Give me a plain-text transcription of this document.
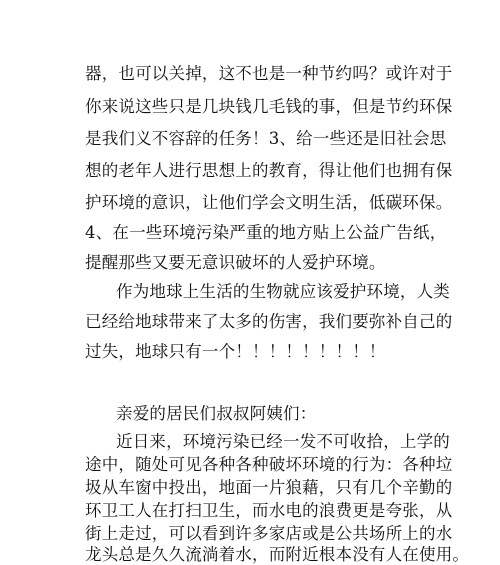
器，也可以关掉，这不也是一种节约吗？或许对于
你来说这些只是几块钱几毛钱的事，但是节约环保
是我们义不容辞的任务！3、给一些还是旧社会思
想的老年人进行思想上的教育，得让他们也拥有保
护环境的意识，让他们学会文明生活，低碳环保。
4、在一些环境污染严重的地方贴上公益广告纸，
提醒那些又要无意识破坏的人爱护环境。
作为地球上生活的生物就应该爱护环境，人类
已经给地球带来了太多的伤害，我们要弥补自己的
过失，地球只有一个！！！！！！！！！
亲爱的居民们叔叔阿姨们：
近日来，环境污染已经一发不可收拾，上学的
途中，随处可见各种各种破坏环境的行为：各种垃
圾从车窗中投出，地面一片狼藉，只有几个辛勤的
环卫工人在打扫卫生，而水电的浪费更是夸张，从
街上走过，可以看到许多家店或是公共场所上的水
龙头总是久久流淌着水，而附近根本没有人在使用。
